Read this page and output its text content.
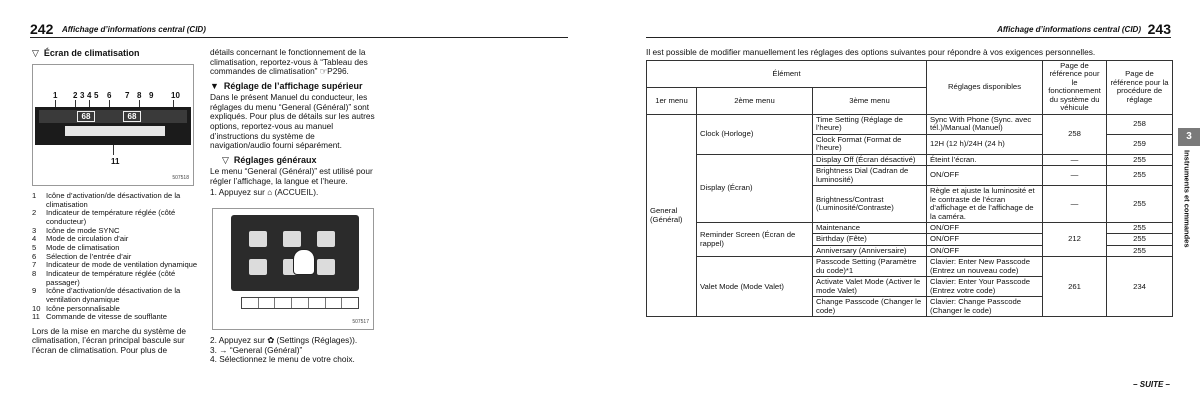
242 Affichage d’informations central (CID)	Affichage d’informations central (CID) 243
▽ Écran de climatisation
1 2 3 4 5 6 7 8 9 10
68	68
11
507518
1	Icône d’activation/de désactivation de la climatisation
2	Indicateur de température réglée (côté conducteur)
3	Icône de mode SYNC
4	Mode de circulation d’air
5	Mode de climatisation
6	Sélection de l’entrée d’air
7	Indicateur de mode de ventilation dynamique
8	Indicateur de température réglée (côté passager)
9	Icône d’activation/de désactivation de la ventilation dynamique
10 Icône personnalisable
11 Commande de vitesse de soufflante
Lors de la mise en marche du système de climatisation, l’écran principal bascule sur l’écran de climatisation. Pour plus de
détails concernant le fonctionnement de la climatisation, reportez-vous à “Tableau des commandes de climatisation” ☞P296.
▼ Réglage de l’affichage supérieur
Dans le présent Manuel du conducteur, les réglages du menu “General (Général)” sont expliqués. Pour plus de détails sur les autres options, reportez-vous au manuel d’instructions du système de navigation/audio fourni séparément.
▽ Réglages généraux
Le menu “General (Général)” est utilisé pour régler l’affichage, la langue et l’heure.
1. Appuyez sur ⌂ (ACCUEIL).
507517
2. Appuyez sur ✿ (Settings (Réglages)).
3. → “General (Général)”
4. Sélectionnez le menu de votre choix.
Il est possible de modifier manuellement les réglages des options suivantes pour répondre à vos exigences personnelles.
Élément			Réglages disponibles	Page de référence pour le fonctionnement du système du véhicule	Page de référence pour la procédure de réglage
1er menu	2ème menu	3ème menu			
General (Général)	Clock (Horloge)	Time Setting (Réglage de l’heure)	Sync With Phone (Sync. avec tél.)/Manual (Manuel)	258	258
		Clock Format (Format de l’heure)	12H (12 h)/24H (24 h)		259
	Display (Écran)	Display Off (Écran désactivé)	Éteint l’écran.	—	255
		Brightness Dial (Cadran de luminosité)	ON/OFF	—	255
		Brightness/Contrast (Luminosité/Contraste)	Règle et ajuste la luminosité et le contraste de l’écran d’affichage et de l’affichage de la caméra.	—	255
	Reminder Screen (Écran de rappel)	Maintenance	ON/OFF	212	255
		Birthday (Fête)	ON/OFF		255
		Anniversary (Anniversaire)	ON/OFF		255
	Valet Mode (Mode Valet)	Passcode Setting (Paramètre du code)*1	Clavier: Enter New Passcode (Entrez un nouveau code)	261	234
		Activate Valet Mode (Activer le mode Valet)	Clavier: Enter Your Passcode (Entrez votre code)		
		Change Passcode (Changer le code)	Clavier: Change Passcode (Changer le code)		
3
Instruments et commandes
– SUITE –
